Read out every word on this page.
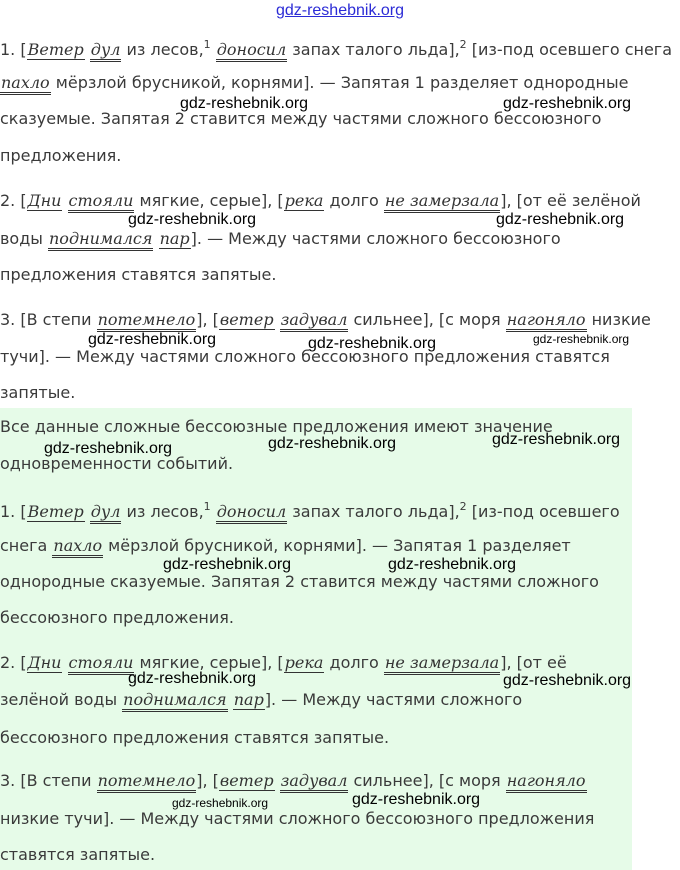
gdz-reshebnik.org
1. [Ветер дул из лесов,$^1$ доносил запах талого льда],$^2$ [из-под осевшего снега
пахло мёрзлой брусникой, корнями]. — Запятая 1 разделяет однородные
сказуемые. Запятая 2 ставится между частями сложного бессоюзного
предложения.
2. [Дни стояли мягкие, серые], [река долго не замерзала], [от её зелёной
воды поднимался пар]. — Между частями сложного бессоюзного
предложения ставятся запятые.
3. [В степи потемнело], [ветер задувал сильнее], [с моря нагоняло низкие
тучи]. — Между частями сложного бессоюзного предложения ставятся
запятые.
Все данные сложные бессоюзные предложения имеют значение
одновременности событий.
1. [Ветер дул из лесов,$^1$ доносил запах талого льда],$^2$ [из-под осевшего
снега пахло мёрзлой брусникой, корнями]. — Запятая 1 разделяет
однородные сказуемые. Запятая 2 ставится между частями сложного
бессоюзного предложения.
2. [Дни стояли мягкие, серые], [река долго не замерзала], [от её
зелёной воды поднимался пар]. — Между частями сложного
бессоюзного предложения ставятся запятые.
3. [В степи потемнело], [ветер задувал сильнее], [с моря нагоняло
низкие тучи]. — Между частями сложного бессоюзного предложения
ставятся запятые.
gdz-reshebnik.org	gdz-reshebnik.org
gdz-reshebnik.org	gdz-reshebnik.org
gdz-reshebnik.org	gdz-reshebnik.org	gdz-reshebnik.org
gdz-reshebnik.org	gdz-reshebnik.org	gdz-reshebnik.org
gdz-reshebnik.org	gdz-reshebnik.org
gdz-reshebnik.org	gdz-reshebnik.org
gdz-reshebnik.org	gdz-reshebnik.org
